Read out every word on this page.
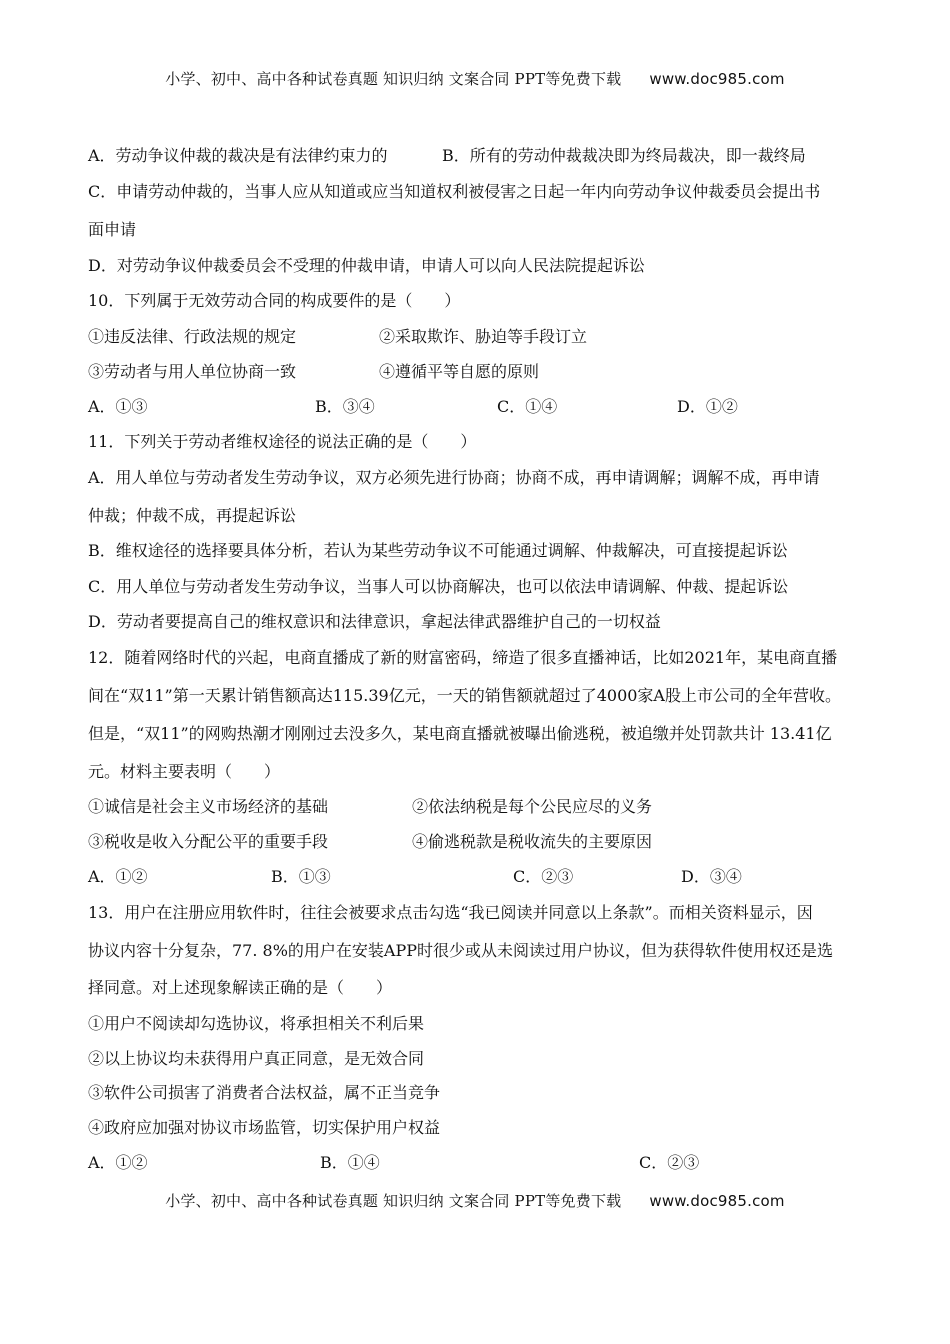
小学、初中、高中各种试卷真题 知识归纳 文案合同 PPT等免费下载 www.doc985.com
A．劳动争议仲裁的裁决是有法律约束力的	B．所有的劳动仲裁裁决即为终局裁决，即一裁终局
C．申请劳动仲裁的，当事人应从知道或应当知道权利被侵害之日起一年内向劳动争议仲裁委员会提出书
面申请
D．对劳动争议仲裁委员会不受理的仲裁申请，申请人可以向人民法院提起诉讼
10．下列属于无效劳动合同的构成要件的是（　　）
①违反法律、行政法规的规定	②采取欺诈、胁迫等手段订立
③劳动者与用人单位协商一致	④遵循平等自愿的原则
A．①③	B．③④	C．①④	D．①②
11．下列关于劳动者维权途径的说法正确的是（　　）
A．用人单位与劳动者发生劳动争议，双方必须先进行协商；协商不成，再申请调解；调解不成，再申请
仲裁；仲裁不成，再提起诉讼
B．维权途径的选择要具体分析，若认为某些劳动争议不可能通过调解、仲裁解决，可直接提起诉讼
C．用人单位与劳动者发生劳动争议，当事人可以协商解决，也可以依法申请调解、仲裁、提起诉讼
D．劳动者要提高自己的维权意识和法律意识，拿起法律武器维护自己的一切权益
12．随着网络时代的兴起，电商直播成了新的财富密码，缔造了很多直播神话，比如2021年，某电商直播
间在“双11”第一天累计销售额高达115.39亿元，一天的销售额就超过了4000家A股上市公司的全年营收。
但是，“双11”的网购热潮才刚刚过去没多久，某电商直播就被曝出偷逃税，被追缴并处罚款共计 13.41亿
元。材料主要表明（　　）
①诚信是社会主义市场经济的基础	②依法纳税是每个公民应尽的义务
③税收是收入分配公平的重要手段	④偷逃税款是税收流失的主要原因
A．①②	B．①③	C．②③	D．③④
13．用户在注册应用软件时，往往会被要求点击勾选“我已阅读并同意以上条款”。而相关资料显示，因
协议内容十分复杂，77. 8%的用户在安装APP时很少或从未阅读过用户协议，但为获得软件使用权还是选
择同意。对上述现象解读正确的是（　　）
①用户不阅读却勾选协议，将承担相关不利后果
②以上协议均未获得用户真正同意，是无效合同
③软件公司损害了消费者合法权益，属不正当竞争
④政府应加强对协议市场监管，切实保护用户权益
A．①②	B．①④	C．②③
小学、初中、高中各种试卷真题 知识归纳 文案合同 PPT等免费下载 www.doc985.com
